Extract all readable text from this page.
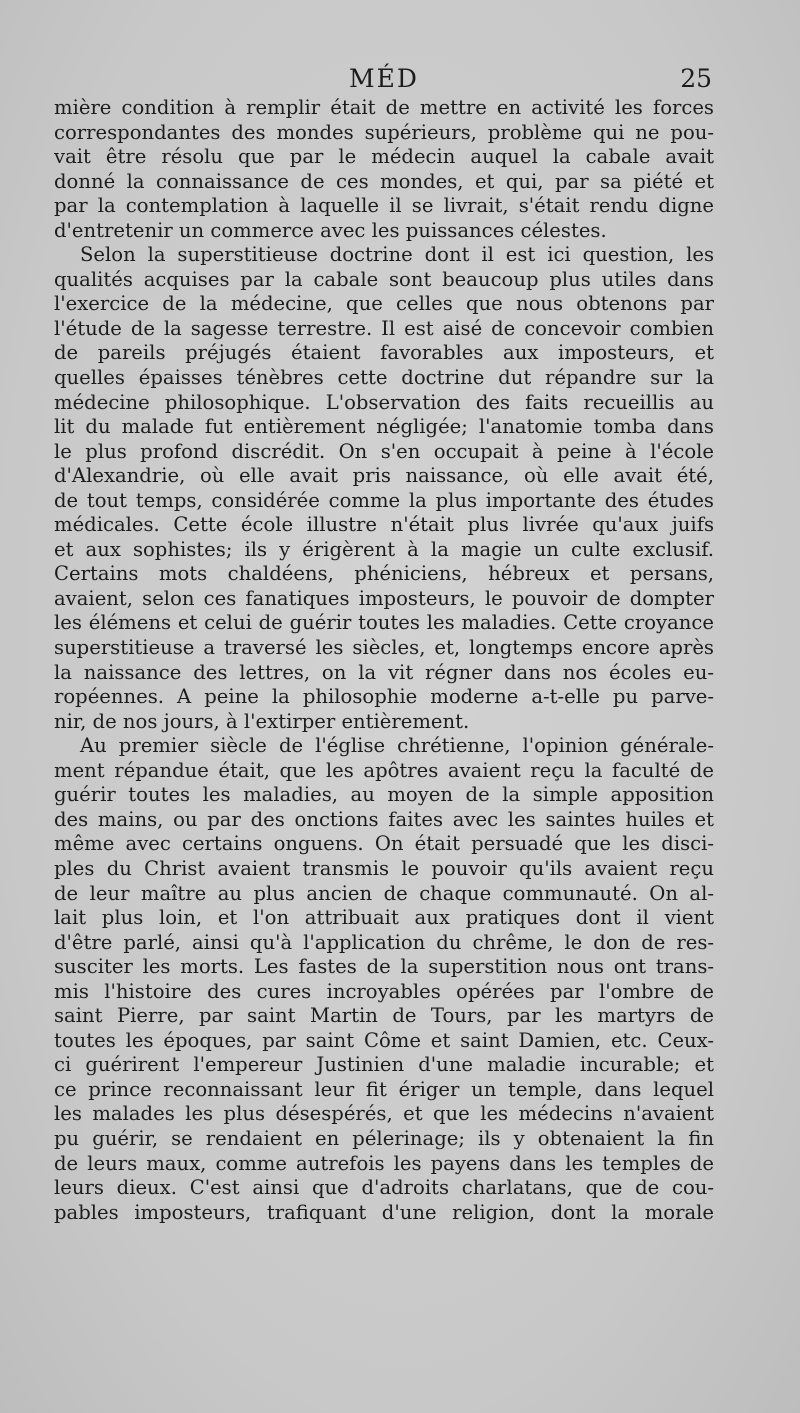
MÉD	25
mière condition à remplir était de mettre en activité les forces
correspondantes des mondes supérieurs, problème qui ne pou-
vait être résolu que par le médecin auquel la cabale avait
donné la connaissance de ces mondes, et qui, par sa piété et
par la contemplation à laquelle il se livrait, s'était rendu digne
d'entretenir un commerce avec les puissances célestes.
Selon la superstitieuse doctrine dont il est ici question, les
qualités acquises par la cabale sont beaucoup plus utiles dans
l'exercice de la médecine, que celles que nous obtenons par
l'étude de la sagesse terrestre. Il est aisé de concevoir combien
de pareils préjugés étaient favorables aux imposteurs, et
quelles épaisses ténèbres cette doctrine dut répandre sur la
médecine philosophique. L'observation des faits recueillis au
lit du malade fut entièrement négligée; l'anatomie tomba dans
le plus profond discrédit. On s'en occupait à peine à l'école
d'Alexandrie, où elle avait pris naissance, où elle avait été,
de tout temps, considérée comme la plus importante des études
médicales. Cette école illustre n'était plus livrée qu'aux juifs
et aux sophistes; ils y érigèrent à la magie un culte exclusif.
Certains mots chaldéens, phéniciens, hébreux et persans,
avaient, selon ces fanatiques imposteurs, le pouvoir de dompter
les élémens et celui de guérir toutes les maladies. Cette croyance
superstitieuse a traversé les siècles, et, longtemps encore après
la naissance des lettres, on la vit régner dans nos écoles eu-
ropéennes. A peine la philosophie moderne a-t-elle pu parve-
nir, de nos jours, à l'extirper entièrement.
Au premier siècle de l'église chrétienne, l'opinion générale-
ment répandue était, que les apôtres avaient reçu la faculté de
guérir toutes les maladies, au moyen de la simple apposition
des mains, ou par des onctions faites avec les saintes huiles et
même avec certains onguens. On était persuadé que les disci-
ples du Christ avaient transmis le pouvoir qu'ils avaient reçu
de leur maître au plus ancien de chaque communauté. On al-
lait plus loin, et l'on attribuait aux pratiques dont il vient
d'être parlé, ainsi qu'à l'application du chrême, le don de res-
susciter les morts. Les fastes de la superstition nous ont trans-
mis l'histoire des cures incroyables opérées par l'ombre de
saint Pierre, par saint Martin de Tours, par les martyrs de
toutes les époques, par saint Côme et saint Damien, etc. Ceux-
ci guérirent l'empereur Justinien d'une maladie incurable; et
ce prince reconnaissant leur fit ériger un temple, dans lequel
les malades les plus désespérés, et que les médecins n'avaient
pu guérir, se rendaient en pélerinage; ils y obtenaient la fin
de leurs maux, comme autrefois les payens dans les temples de
leurs dieux. C'est ainsi que d'adroits charlatans, que de cou-
pables imposteurs, trafiquant d'une religion, dont la morale
